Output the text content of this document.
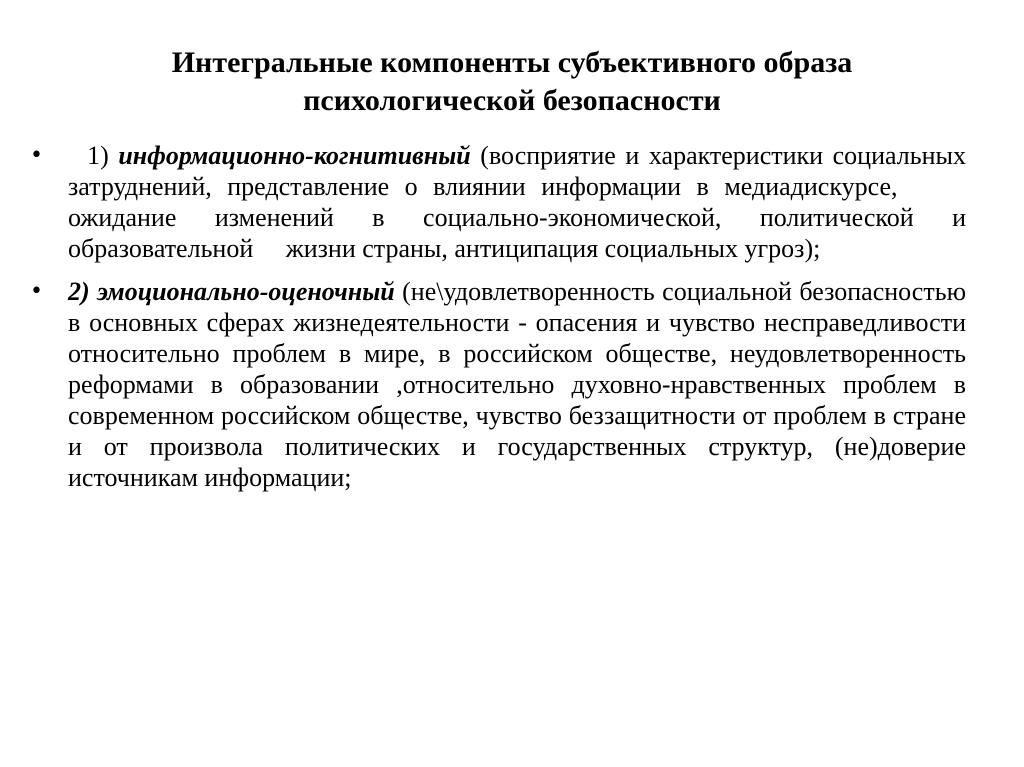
Интегральные компоненты субъективного образа
психологической безопасности
• 1) информационно-когнитивный (восприятие и характеристики социальных затруднений, представление о влиянии информации в медиадискурсе,      ожидание изменений в социально-экономической, политической и образовательной     жизни страны, антиципация социальных угроз);
• 2) эмоционально-оценочный (не\удовлетворенность социальной безопасностью в основных сферах жизнедеятельности - опасения и чувство несправедливости относительно проблем в мире, в российском обществе, неудовлетворенность реформами в образовании ,относительно духовно-нравственных проблем в современном российском обществе, чувство беззащитности от проблем в стране и от произвола политических и государственных структур, (не)доверие источникам информации;
